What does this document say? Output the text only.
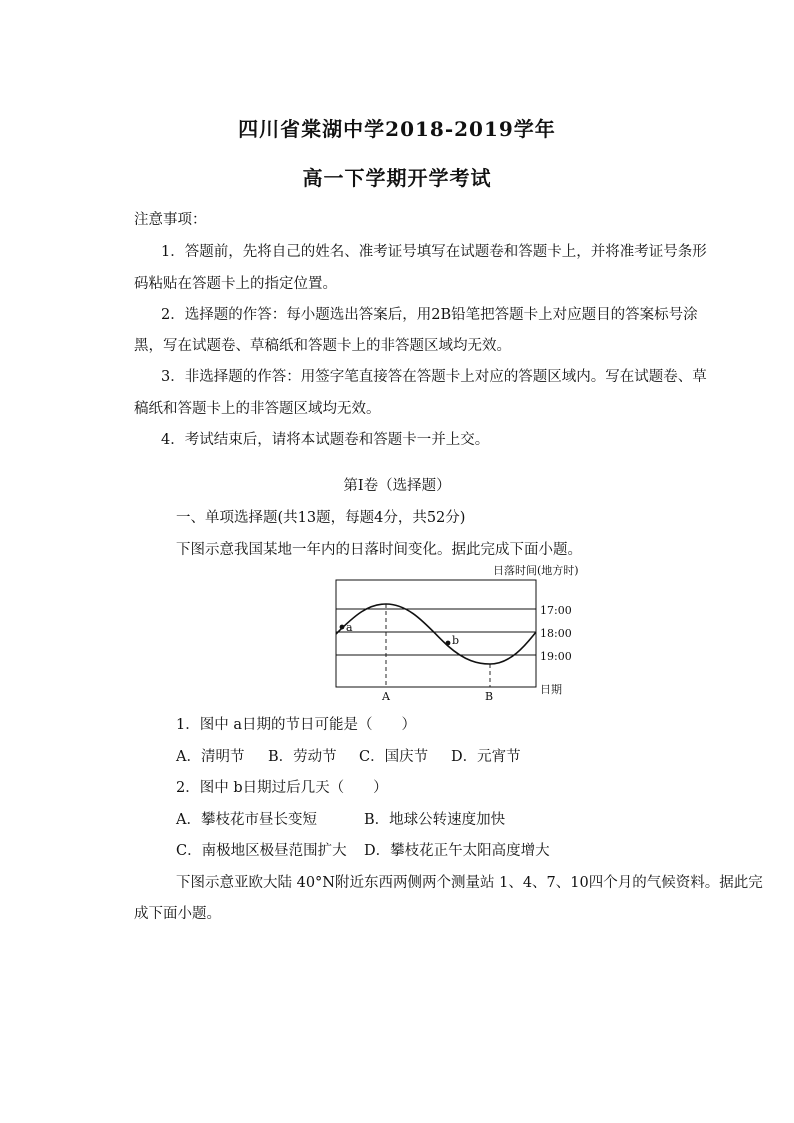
四川省棠湖中学2018-2019学年
高一下学期开学考试
注意事项：
1．答题前，先将自己的姓名、准考证号填写在试题卷和答题卡上，并将准考证号条形
码粘贴在答题卡上的指定位置。
2．选择题的作答：每小题选出答案后，用2B铅笔把答题卡上对应题目的答案标号涂
黑，写在试题卷、草稿纸和答题卡上的非答题区域均无效。
3．非选择题的作答：用签字笔直接答在答题卡上对应的答题区域内。写在试题卷、草
稿纸和答题卡上的非答题区域均无效。
4．考试结束后，请将本试题卷和答题卡一并上交。
第Ⅰ卷（选择题）
一、单项选择题(共13题，每题4分，共52分)
下图示意我国某地一年内的日落时间变化。据此完成下面小题。
日落时间(地方时)
17:00
18:00
19:00
a
b
A	B
日期
1．图中 a日期的节日可能是（　　）
A．清明节 B．劳动节 C．国庆节 D．元宵节
2．图中 b日期过后几天（　　）
A．攀枝花市昼长变短	B．地球公转速度加快
C．南极地区极昼范围扩大 D．攀枝花正午太阳高度增大
下图示意亚欧大陆 40°N附近东西两侧两个测量站 1、4、7、10四个月的气候资料。据此完
成下面小题。
